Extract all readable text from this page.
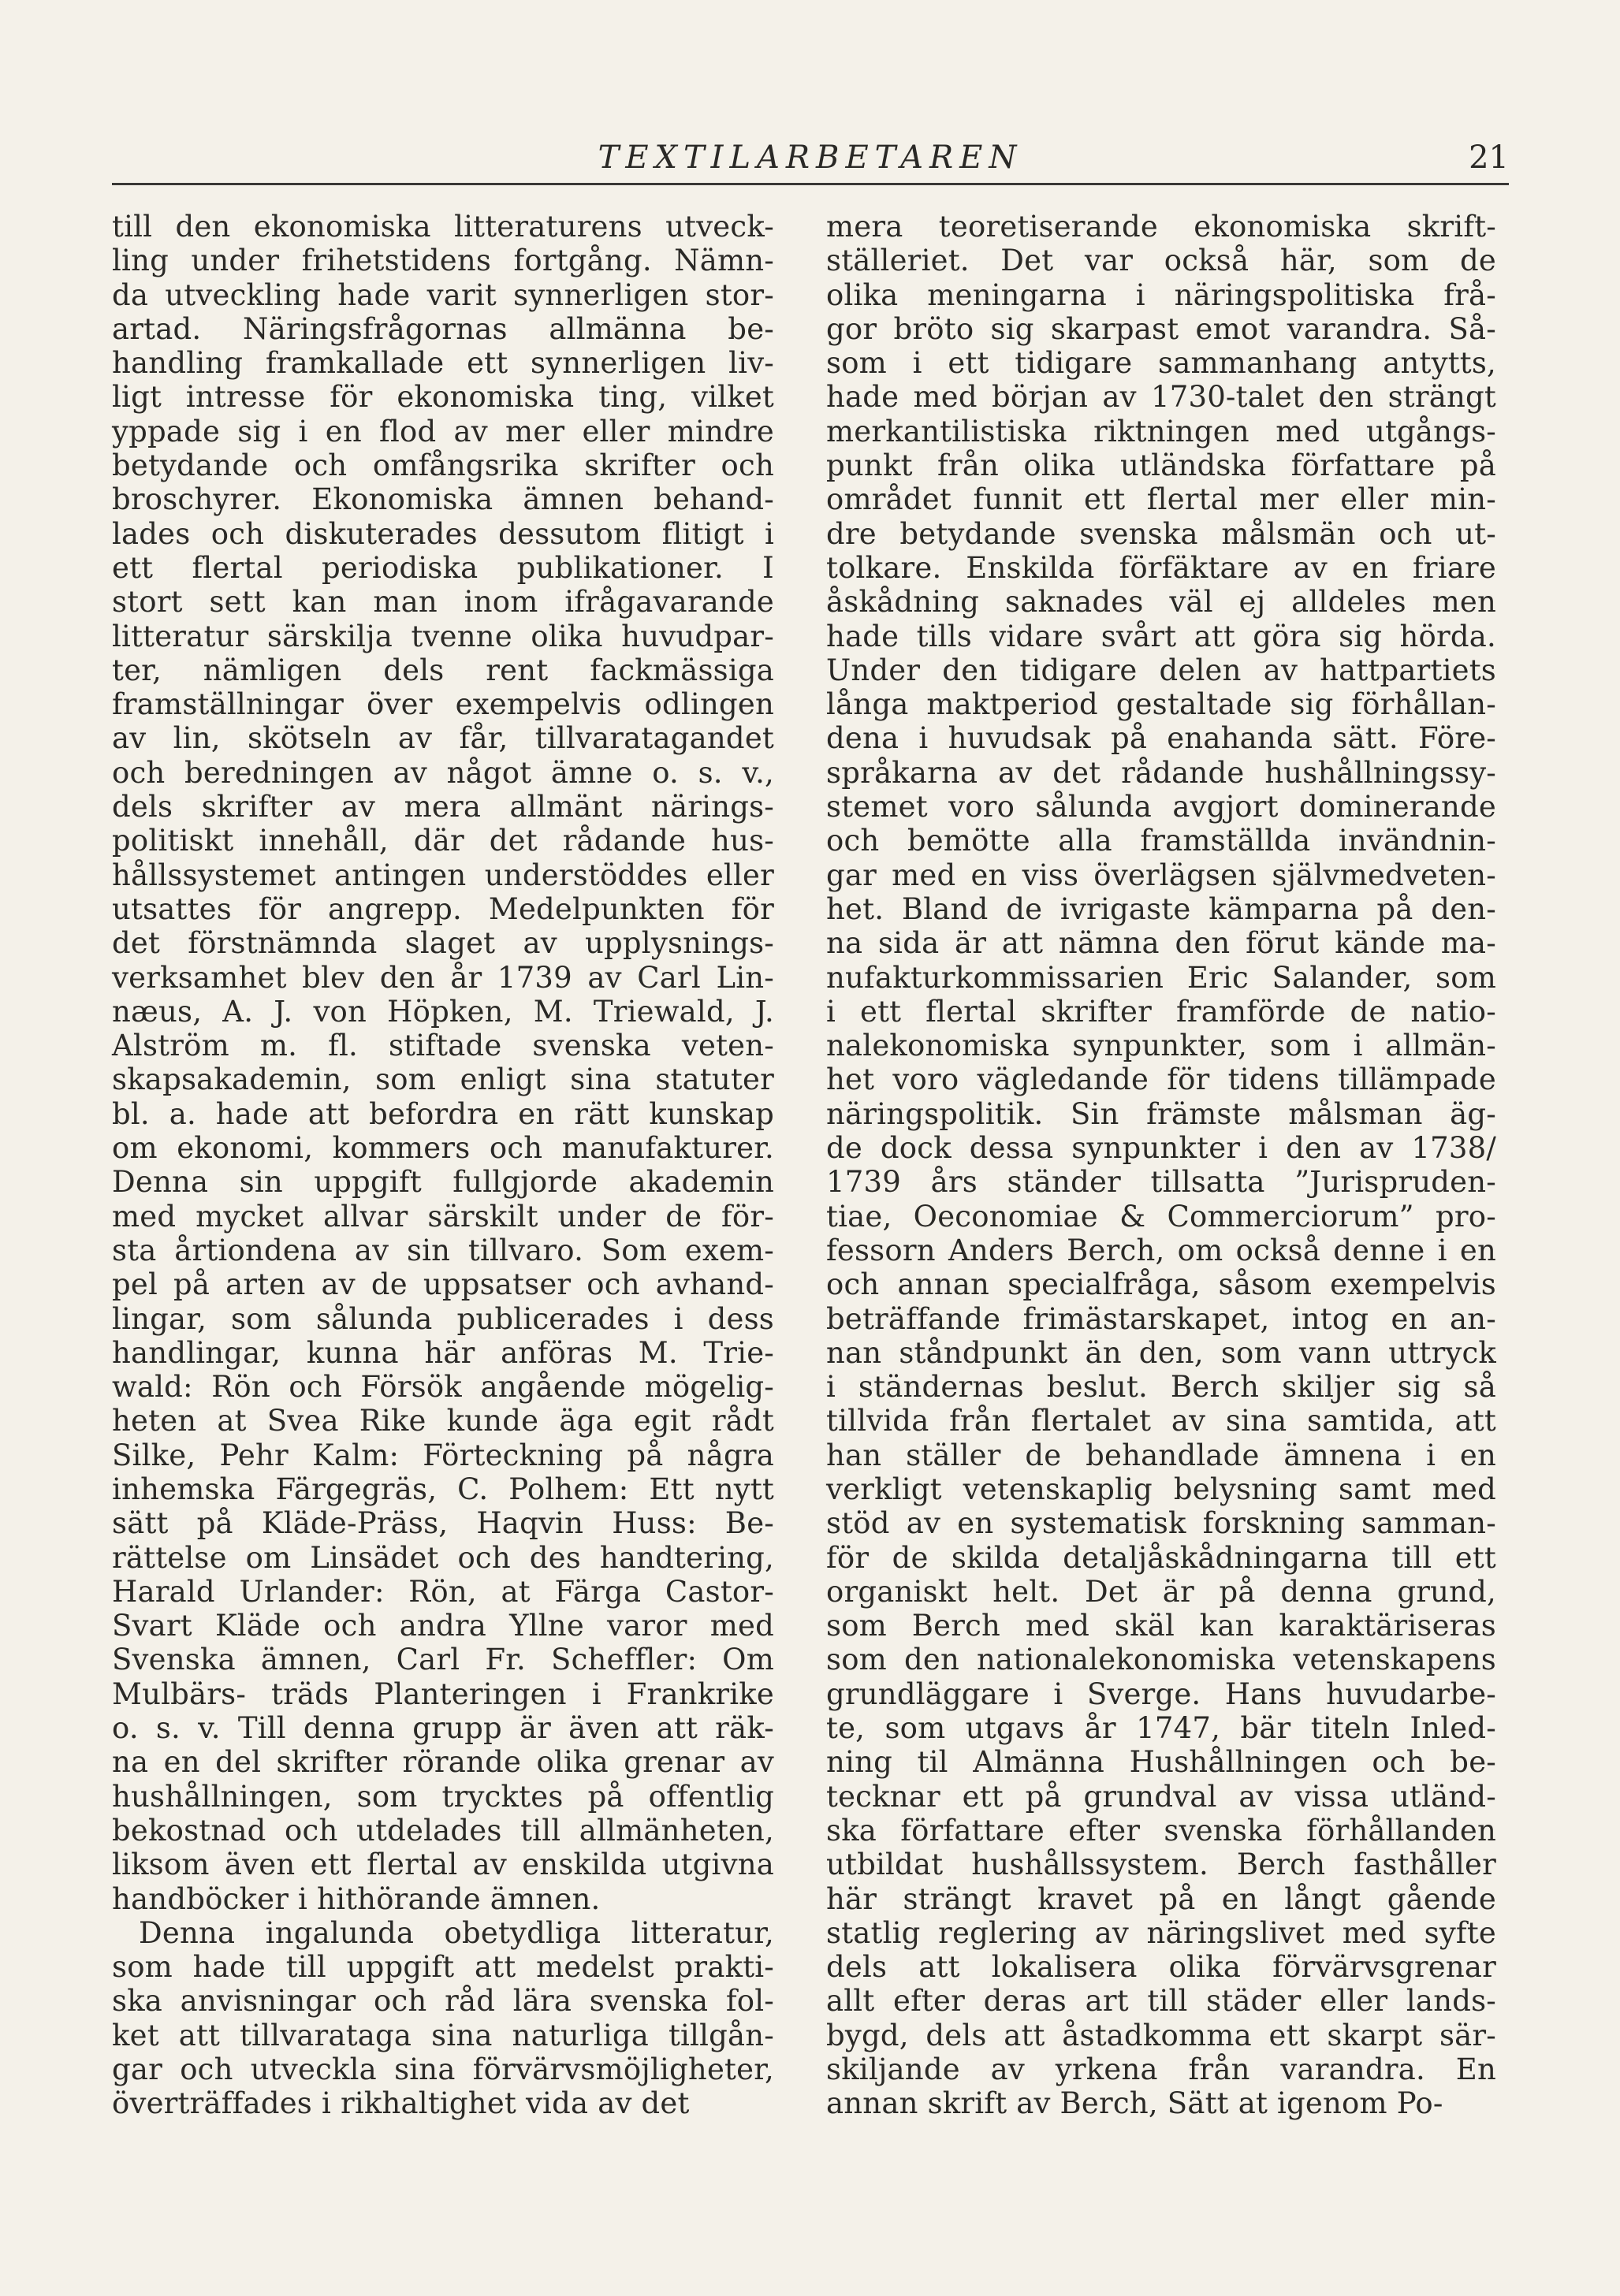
TEXTILARBETAREN	21
till den ekonomiska litteraturens utveck-
ling under frihetstidens fortgång. Nämn-
da utveckling hade varit synnerligen stor-
artad. Näringsfrågornas allmänna be-
handling framkallade ett synnerligen liv-
ligt intresse för ekonomiska ting, vilket
yppade sig i en flod av mer eller mindre
betydande och omfångsrika skrifter och
broschyrer. Ekonomiska ämnen behand-
lades och diskuterades dessutom flitigt i
ett flertal periodiska publikationer. I
stort sett kan man inom ifrågavarande
litteratur särskilja tvenne olika huvudpar-
ter, nämligen dels rent fackmässiga
framställningar över exempelvis odlingen
av lin, skötseln av får, tillvaratagandet
och beredningen av något ämne o. s. v.,
dels skrifter av mera allmänt närings-
politiskt innehåll, där det rådande hus-
hållssystemet antingen understöddes eller
utsattes för angrepp. Medelpunkten för
det förstnämnda slaget av upplysnings-
verksamhet blev den år 1739 av Carl Lin-
næus, A. J. von Höpken, M. Triewald, J.
Alström m. fl. stiftade svenska veten-
skapsakademin, som enligt sina statuter
bl. a. hade att befordra en rätt kunskap
om ekonomi, kommers och manufakturer.
Denna sin uppgift fullgjorde akademin
med mycket allvar särskilt under de för-
sta årtiondena av sin tillvaro. Som exem-
pel på arten av de uppsatser och avhand-
lingar, som sålunda publicerades i dess
handlingar, kunna här anföras M. Trie-
wald: Rön och Försök angående mögelig-
heten at Svea Rike kunde äga egit rådt
Silke, Pehr Kalm: Förteckning på några
inhemska Färgegräs, C. Polhem: Ett nytt
sätt på Kläde-Präss, Haqvin Huss: Be-
rättelse om Linsädet och des handtering,
Harald Urlander: Rön, at Färga Castor-
Svart Kläde och andra Yllne varor med
Svenska ämnen, Carl Fr. Scheffler: Om
Mulbärs- träds Planteringen i Frankrike
o. s. v. Till denna grupp är även att räk-
na en del skrifter rörande olika grenar av
hushållningen, som trycktes på offentlig
bekostnad och utdelades till allmänheten,
liksom även ett flertal av enskilda utgivna
handböcker i hithörande ämnen.
Denna ingalunda obetydliga litteratur,
som hade till uppgift att medelst prakti-
ska anvisningar och råd lära svenska fol-
ket att tillvarataga sina naturliga tillgån-
gar och utveckla sina förvärvsmöjligheter,
överträffades i rikhaltighet vida av det
mera teoretiserande ekonomiska skrift-
ställeriet. Det var också här, som de
olika meningarna i näringspolitiska frå-
gor bröto sig skarpast emot varandra. Så-
som i ett tidigare sammanhang antytts,
hade med början av 1730-talet den strängt
merkantilistiska riktningen med utgångs-
punkt från olika utländska författare på
området funnit ett flertal mer eller min-
dre betydande svenska målsmän och ut-
tolkare. Enskilda förfäktare av en friare
åskådning saknades väl ej alldeles men
hade tills vidare svårt att göra sig hörda.
Under den tidigare delen av hattpartiets
långa maktperiod gestaltade sig förhållan-
dena i huvudsak på enahanda sätt. Före-
språkarna av det rådande hushållningssy-
stemet voro sålunda avgjort dominerande
och bemötte alla framställda invändnin-
gar med en viss överlägsen självmedveten-
het. Bland de ivrigaste kämparna på den-
na sida är att nämna den förut kände ma-
nufakturkommissarien Eric Salander, som
i ett flertal skrifter framförde de natio-
nalekonomiska synpunkter, som i allmän-
het voro vägledande för tidens tillämpade
näringspolitik. Sin främste målsman äg-
de dock dessa synpunkter i den av 1738/
1739 års ständer tillsatta ”Jurispruden-
tiae, Oeconomiae & Commerciorum” pro-
fessorn Anders Berch, om också denne i en
och annan specialfråga, såsom exempelvis
beträffande frimästarskapet, intog en an-
nan ståndpunkt än den, som vann uttryck
i ständernas beslut. Berch skiljer sig så
tillvida från flertalet av sina samtida, att
han ställer de behandlade ämnena i en
verkligt vetenskaplig belysning samt med
stöd av en systematisk forskning samman-
för de skilda detaljåskådningarna till ett
organiskt helt. Det är på denna grund,
som Berch med skäl kan karaktäriseras
som den nationalekonomiska vetenskapens
grundläggare i Sverge. Hans huvudarbe-
te, som utgavs år 1747, bär titeln Inled-
ning til Almänna Hushållningen och be-
tecknar ett på grundval av vissa utländ-
ska författare efter svenska förhållanden
utbildat hushållssystem. Berch fasthåller
här strängt kravet på en långt gående
statlig reglering av näringslivet med syfte
dels att lokalisera olika förvärvsgrenar
allt efter deras art till städer eller lands-
bygd, dels att åstadkomma ett skarpt sär-
skiljande av yrkena från varandra. En
annan skrift av Berch, Sätt at igenom Po-
